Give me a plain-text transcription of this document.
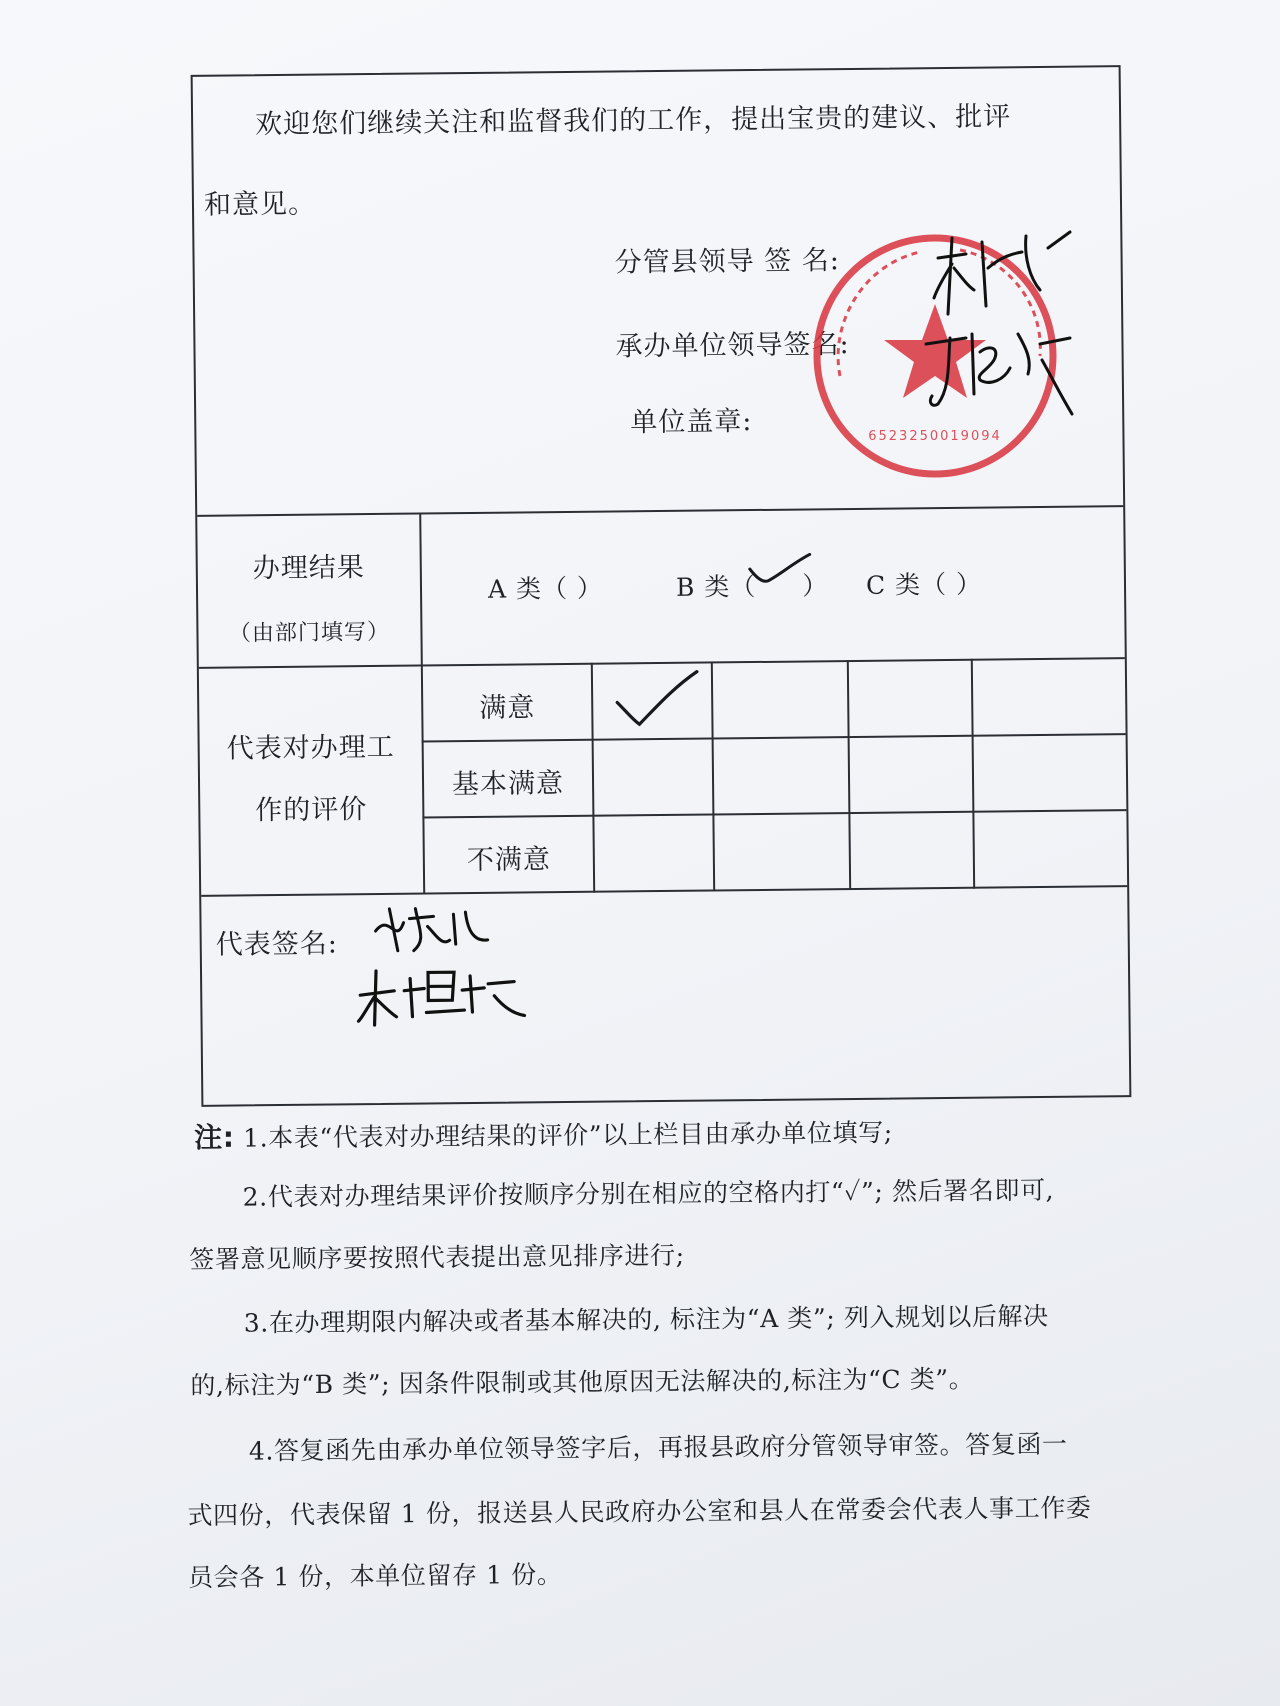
欢迎您们继续关注和监督我们的工作，提出宝贵的建议、批评
和意见。
分管县领导 签 名:
承办单位领导签名:
单位盖章:
办理结果
（由部门填写）
A 类（ ）	B 类（ ） C 类（ ）
代表对办理工
作的评价
满意
基本满意
不满意
代表签名:
6523250019094
注: 1.本表“代表对办理结果的评价”以上栏目由承办单位填写;
2.代表对办理结果评价按顺序分别在相应的空格内打“✓”; 然后署名即可,
签署意见顺序要按照代表提出意见排序进行;
3.在办理期限内解决或者基本解决的, 标注为“A 类”; 列入规划以后解决
的,标注为“B 类”; 因条件限制或其他原因无法解决的,标注为“C 类”。
4.答复函先由承办单位领导签字后，再报县政府分管领导审签。答复函一
式四份，代表保留 1 份，报送县人民政府办公室和县人在常委会代表人事工作委
员会各 1 份，本单位留存 1 份。
